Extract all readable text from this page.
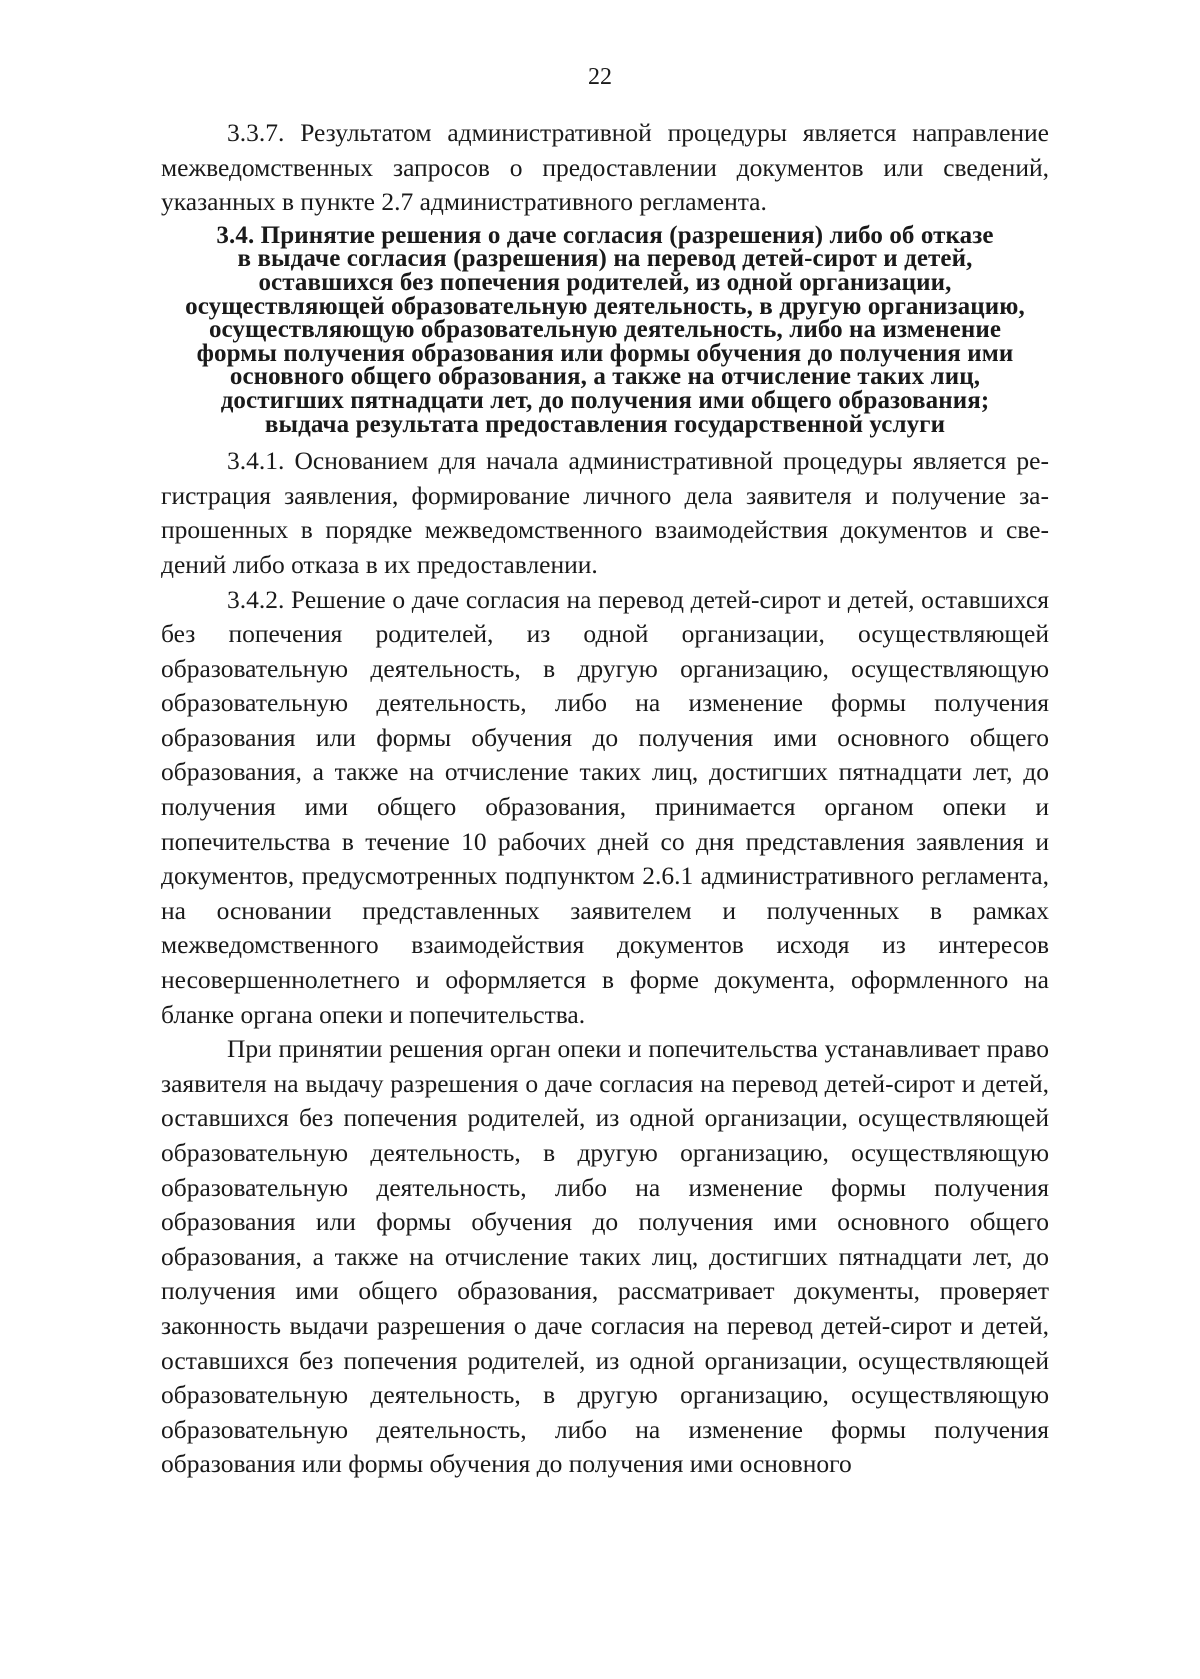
22

3.3.7. Результатом административной процедуры является направление межведомственных запросов о предоставлении документов или сведений, указанных в пункте 2.7 административного регламента.

3.4. Принятие решения о даче согласия (разрешения) либо об отказе
в выдаче согласия (разрешения) на перевод детей-сирот и детей,
оставшихся без попечения родителей, из одной организации,
осуществляющей образовательную деятельность, в другую организацию,
осуществляющую образовательную деятельность, либо на изменение
формы получения образования или формы обучения до получения ими
основного общего образования, а также на отчисление таких лиц,
достигших пятнадцати лет, до получения ими общего образования;
выдача результата предоставления государственной услуги

3.4.1. Основанием для начала административной процедуры является регистрация заявления, формирование личного дела заявителя и получение запрошенных в порядке межведомственного взаимодействия документов и сведений либо отказа в их предоставлении.

3.4.2. Решение о даче согласия на перевод детей-сирот и детей, оставшихся без попечения родителей, из одной организации, осуществляющей образовательную деятельность, в другую организацию, осуществляющую образовательную деятельность, либо на изменение формы получения образования или формы обучения до получения ими основного общего образования, а также на отчисление таких лиц, достигших пятнадцати лет, до получения ими общего образования, принимается органом опеки и попечительства в течение 10 рабочих дней со дня представления заявления и документов, предусмотренных подпунктом 2.6.1 административного регламента, на основании представленных заявителем и полученных в рамках межведомственного взаимодействия документов исходя из интересов несовершеннолетнего и оформляется в форме документа, оформленного на бланке органа опеки и попечительства.

При принятии решения орган опеки и попечительства устанавливает право заявителя на выдачу разрешения о даче согласия на перевод детей-сирот и детей, оставшихся без попечения родителей, из одной организации, осуществляющей образовательную деятельность, в другую организацию, осуществляющую образовательную деятельность, либо на изменение формы получения образования или формы обучения до получения ими основного общего образования, а также на отчисление таких лиц, достигших пятнадцати лет, до получения ими общего образования, рассматривает документы, проверяет законность выдачи разрешения о даче согласия на перевод детей-сирот и детей, оставшихся без попечения родителей, из одной организации, осуществляющей образовательную деятельность, в другую организацию, осуществляющую образовательную деятельность, либо на изменение формы получения образования или формы обучения до получения ими основного
